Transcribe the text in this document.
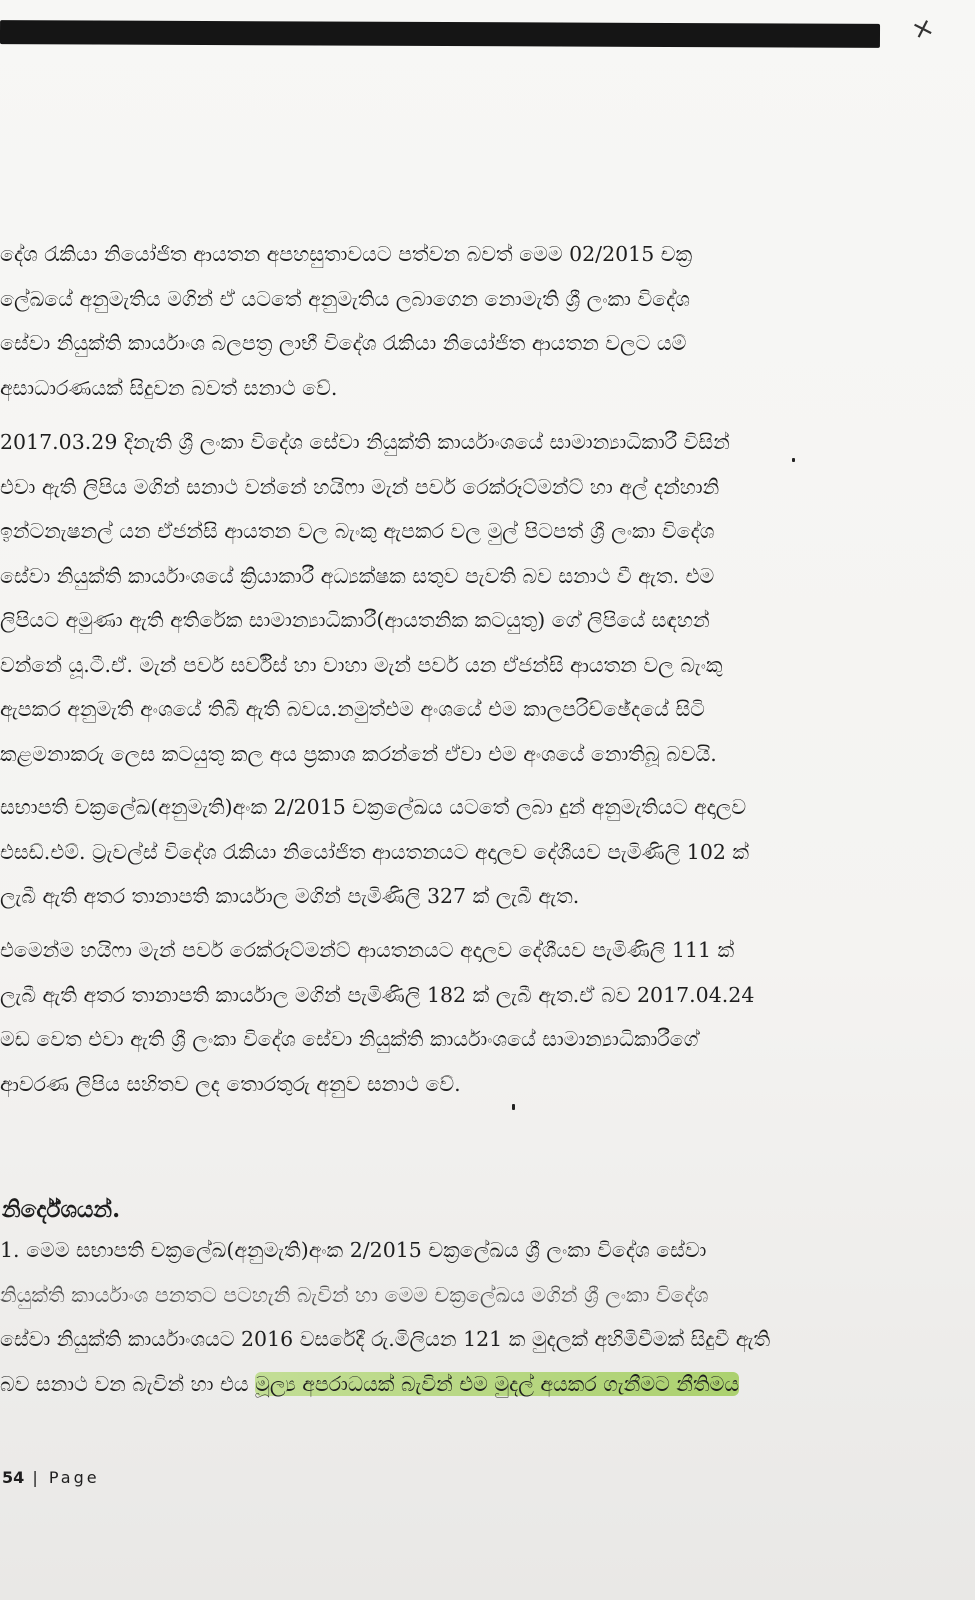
×
දේශ රැකියා නියෝජිත ආයතන අපහසුතාවයට පත්වන බවත් මෙම 02/2015 චක්‍ර
ලේඛයේ අනුමැතිය මගින් ඒ යටතේ අනුමැතිය ලබාගෙන නොමැති ශ්‍රී ලංකා විදේශ
සේවා නියුක්ති කාර්යාංශ බලපත්‍ර ලාභී විදේශ රැකියා නියෝජිත ආයතන වලට යම්
අසාධාරණයක් සිදුවන බවත් සනාථ වේ.
2017.03.29 දිනැති ශ්‍රී ලංකා විදේශ සේවා නියුක්ති කාර්යාංශයේ සාමාන්‍යාධිකාරී විසින්
එවා ඇති ලිපිය මගින් සනාථ වන්නේ හයිෆා මැන් පවර් රෙක්රූට්මන්ට් හා අල් දන්හානි
ඉන්ටනැෂනල් යන ඒජන්සි ආයතන වල බැංකු ඇපකර වල මුල් පිටපත් ශ්‍රී ලංකා විදේශ
සේවා නියුක්ති කාර්යාංශයේ ක්‍රියාකාරී අධ්‍යක්ෂක සතුව පැවති බව සනාථ වී ඇත. එම
ලිපියට අමුණා ඇති අතිරේක සාමාන්‍යාධිකාරී(ආයතනික කටයුතු) ගේ ලිපියේ සඳහන්
වන්නේ යූ.ටී.ඒ. මැන් පවර් සර්විස් හා වාහා මැන් පවර් යන ඒජන්සි ආයතන වල බැංකු
ඇපකර අනුමැති අංශයේ තිබී ඇති බවය.නමුත්එම අංශයේ එම කාලපරිච්ඡේදයේ සිටි
කළමනාකරු ලෙස කටයුතු කල අය ප්‍රකාශ කරන්නේ ඒවා එම අංශයේ නොතිබූ බවයි.
සභාපති චක්‍රලේඛ(අනුමැති)අංක 2/2015 චක්‍රලේඛය යටතේ ලබා දුන් අනුමැතියට අදාලව
එසඩ්.එම්. ට්‍රැවල්ස් විදේශ රැකියා නියෝජිත ආයතනයට අදාලව දේශීයව පැමිණිලි 102 ක්
ලැබී ඇති අතර තානාපති කාර්යාල මගින් පැමිණිලි 327 ක් ලැබී ඇත.
එමෙන්ම හයිෆා මැන් පවර් රෙක්රූට්මන්ට් ආයතනයට අදාලව දේශීයව පැමිණිලි 111 ක්
ලැබී ඇති අතර තානාපති කාර්යාල මගින් පැමිණිලි 182 ක් ලැබී ඇත.ඒ බව 2017.04.24
මඩ වෙත එවා ඇති ශ්‍රී ලංකා විදේශ සේවා නියුක්ති කාර්යාංශයේ සාමාන්‍යාධිකාරීගේ
ආවරණ ලිපිය සහිතව ලද තොරතුරු අනුව සනාථ වේ.
නිර්දේශයන්.
1. මෙම සභාපති චක්‍රලේඛ(අනුමැති)අංක 2/2015 චක්‍රලේඛය ශ්‍රී ලංකා විදේශ සේවා
නියුක්ති කාර්යාංශ පනතට පටහැනි බැවින් හා මෙම චක්‍රලේඛය මගින් ශ්‍රී ලංකා විදේශ
සේවා නියුක්ති කාර්යාංශයට 2016 වසරේදී රු.මිලියන 121 ක මුදලක් අහිමිවීමක් සිදුවී ඇති
බව සනාථ වන බැවින් හා එය මූල්‍ය අපරාධයක් බැවින් එම මුදල් අයකර ගැනීමට නීතිමය
54 | Page
